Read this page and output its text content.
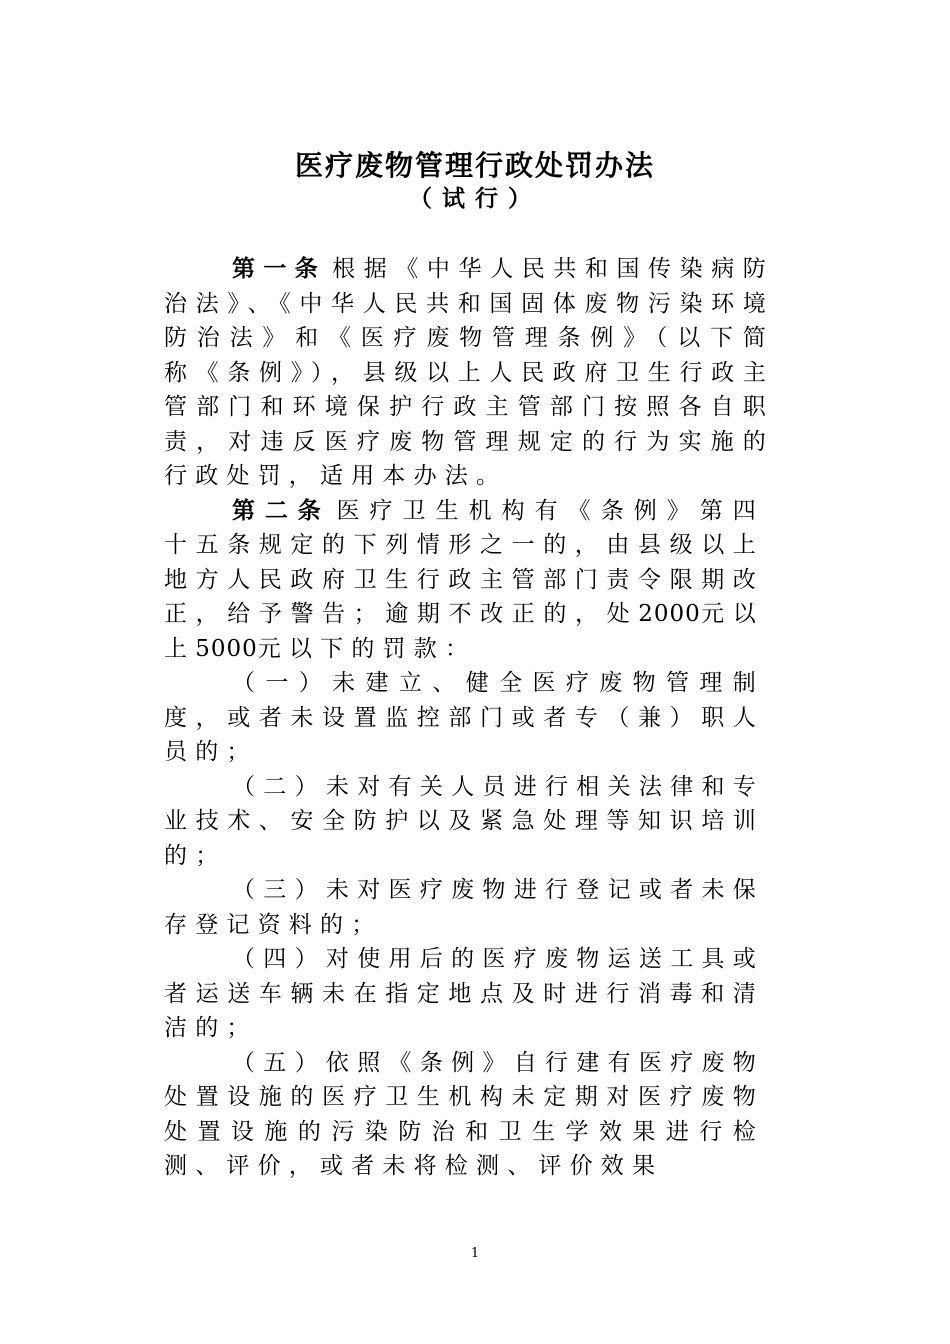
医疗废物管理行政处罚办法
（试行）

第一条 根据《中华人民共和国传染病防治法》、《中华人民共和国固体废物污染环境防治法》和《医疗废物管理条例》（以下简称《条例》），县级以上人民政府卫生行政主管部门和环境保护行政主管部门按照各自职责，对违反医疗废物管理规定的行为实施的行政处罚，适用本办法。

第二条 医疗卫生机构有《条例》第四十五条规定的下列情形之一的，由县级以上地方人民政府卫生行政主管部门责令限期改正，给予警告；逾期不改正的，处2000元以上5000元以下的罚款：

（一）未建立、健全医疗废物管理制度，或者未设置监控部门或者专（兼）职人员的；

（二）未对有关人员进行相关法律和专业技术、安全防护以及紧急处理等知识培训的；

（三）未对医疗废物进行登记或者未保存登记资料的；

（四）对使用后的医疗废物运送工具或者运送车辆未在指定地点及时进行消毒和清洁的；

（五）依照《条例》自行建有医疗废物处置设施的医疗卫生机构未定期对医疗废物处置设施的污染防治和卫生学效果进行检测、评价，或者未将检测、评价效果

1
